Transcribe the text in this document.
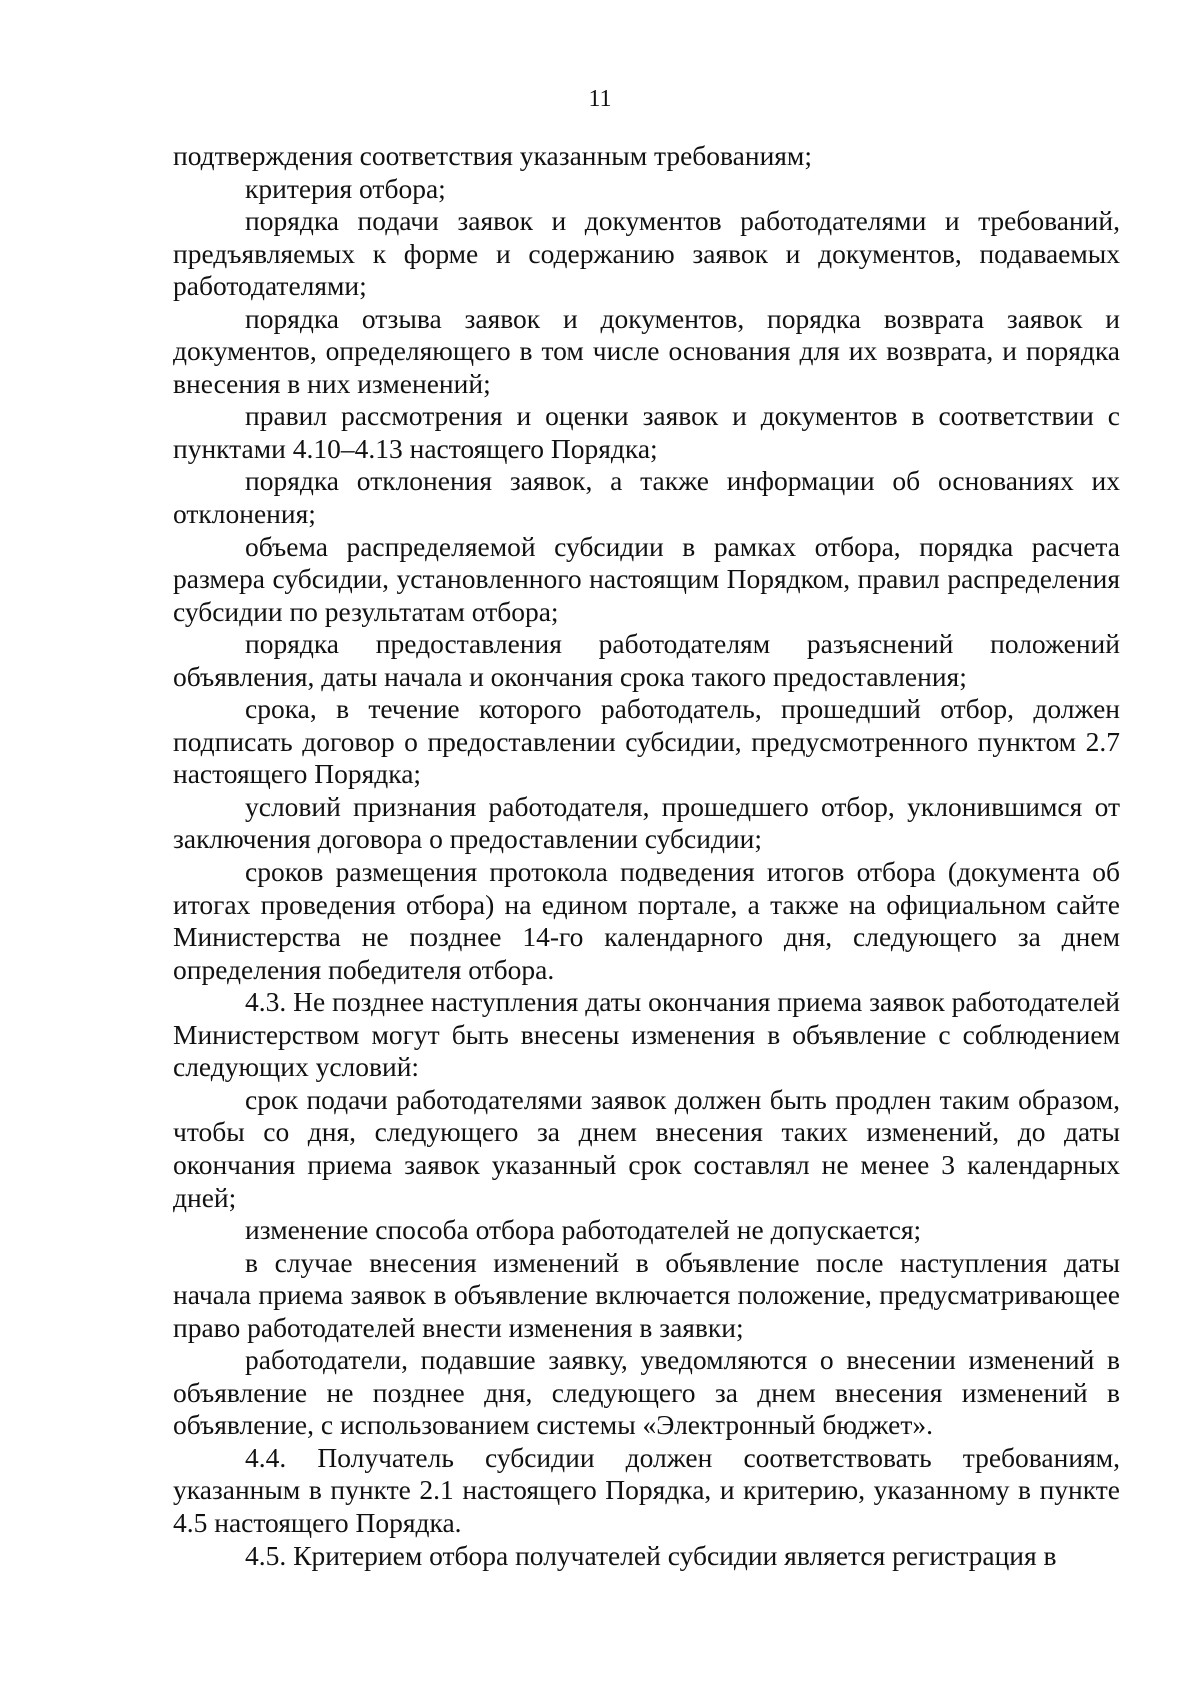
11

подтверждения соответствия указанным требованиям;

критерия отбора;

порядка подачи заявок и документов работодателями и требований, предъявляемых к форме и содержанию заявок и документов, подаваемых работодателями;

порядка отзыва заявок и документов, порядка возврата заявок и документов, определяющего в том числе основания для их возврата, и порядка внесения в них изменений;

правил рассмотрения и оценки заявок и документов в соответствии с пунктами 4.10–4.13 настоящего Порядка;

порядка отклонения заявок, а также информации об основаниях их отклонения;

объема распределяемой субсидии в рамках отбора, порядка расчета размера субсидии, установленного настоящим Порядком, правил распределения субсидии по результатам отбора;

порядка предоставления работодателям разъяснений положений объявления, даты начала и окончания срока такого предоставления;

срока, в течение которого работодатель, прошедший отбор, должен подписать договор о предоставлении субсидии, предусмотренного пунктом 2.7 настоящего Порядка;

условий признания работодателя, прошедшего отбор, уклонившимся от заключения договора о предоставлении субсидии;

сроков размещения протокола подведения итогов отбора (документа об итогах проведения отбора) на едином портале, а также на официальном сайте Министерства не позднее 14-го календарного дня, следующего за днем определения победителя отбора.

4.3. Не позднее наступления даты окончания приема заявок работодателей Министерством могут быть внесены изменения в объявление с соблюдением следующих условий:

срок подачи работодателями заявок должен быть продлен таким образом, чтобы со дня, следующего за днем внесения таких изменений, до даты окончания приема заявок указанный срок составлял не менее 3 календарных дней;

изменение способа отбора работодателей не допускается;

в случае внесения изменений в объявление после наступления даты начала приема заявок в объявление включается положение, предусматривающее право работодателей внести изменения в заявки;

работодатели, подавшие заявку, уведомляются о внесении изменений в объявление не позднее дня, следующего за днем внесения изменений в объявление, с использованием системы «Электронный бюджет».

4.4. Получатель субсидии должен соответствовать требованиям, указанным в пункте 2.1 настоящего Порядка, и критерию, указанному в пункте 4.5 настоящего Порядка.

4.5. Критерием отбора получателей субсидии является регистрация в
